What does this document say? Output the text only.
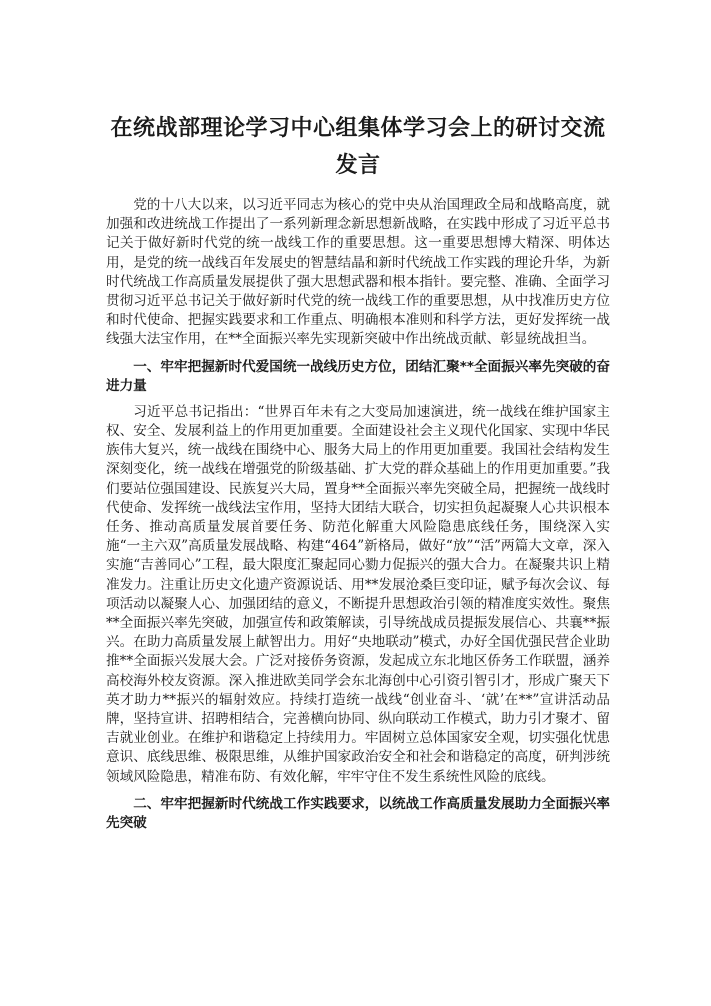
在统战部理论学习中心组集体学习会上的研讨交流发言

党的十八大以来，以习近平同志为核心的党中央从治国理政全局和战略高度，就加强和改进统战工作提出了一系列新理念新思想新战略，在实践中形成了习近平总书记关于做好新时代党的统一战线工作的重要思想。这一重要思想博大精深、明体达用，是党的统一战线百年发展史的智慧结晶和新时代统战工作实践的理论升华，为新时代统战工作高质量发展提供了强大思想武器和根本指针。要完整、准确、全面学习贯彻习近平总书记关于做好新时代党的统一战线工作的重要思想，从中找准历史方位和时代使命、把握实践要求和工作重点、明确根本准则和科学方法，更好发挥统一战线强大法宝作用，在**全面振兴率先实现新突破中作出统战贡献、彰显统战担当。

一、牢牢把握新时代爱国统一战线历史方位，团结汇聚**全面振兴率先突破的奋进力量

习近平总书记指出：“世界百年未有之大变局加速演进，统一战线在维护国家主权、安全、发展利益上的作用更加重要。全面建设社会主义现代化国家、实现中华民族伟大复兴，统一战线在围绕中心、服务大局上的作用更加重要。我国社会结构发生深刻变化，统一战线在增强党的阶级基础、扩大党的群众基础上的作用更加重要。”我们要站位强国建设、民族复兴大局，置身**全面振兴率先突破全局，把握统一战线时代使命、发挥统一战线法宝作用，坚持大团结大联合，切实担负起凝聚人心共识根本任务、推动高质量发展首要任务、防范化解重大风险隐患底线任务，围绕深入实施“一主六双”高质量发展战略、构建“464”新格局，做好“放”“活”两篇大文章，深入实施“吉善同心”工程，最大限度汇聚起同心勠力促振兴的强大合力。在凝聚共识上精准发力。注重让历史文化遗产资源说话、用**发展沧桑巨变印证，赋予每次会议、每项活动以凝聚人心、加强团结的意义，不断提升思想政治引领的精准度实效性。聚焦**全面振兴率先突破，加强宣传和政策解读，引导统战成员提振发展信心、共襄**振兴。在助力高质量发展上献智出力。用好“央地联动”模式，办好全国优强民营企业助推**全面振兴发展大会。广泛对接侨务资源，发起成立东北地区侨务工作联盟，涵养高校海外校友资源。深入推进欧美同学会东北海创中心引资引智引才，形成广聚天下英才助力**振兴的辐射效应。持续打造统一战线“创业奋斗、‘就’在**”宣讲活动品牌，坚持宣讲、招聘相结合，完善横向协同、纵向联动工作模式，助力引才聚才、留吉就业创业。在维护和谐稳定上持续用力。牢固树立总体国家安全观，切实强化忧患意识、底线思维、极限思维，从维护国家政治安全和社会和谐稳定的高度，研判涉统领域风险隐患，精准布防、有效化解，牢牢守住不发生系统性风险的底线。

二、牢牢把握新时代统战工作实践要求，以统战工作高质量发展助力全面振兴率先突破
